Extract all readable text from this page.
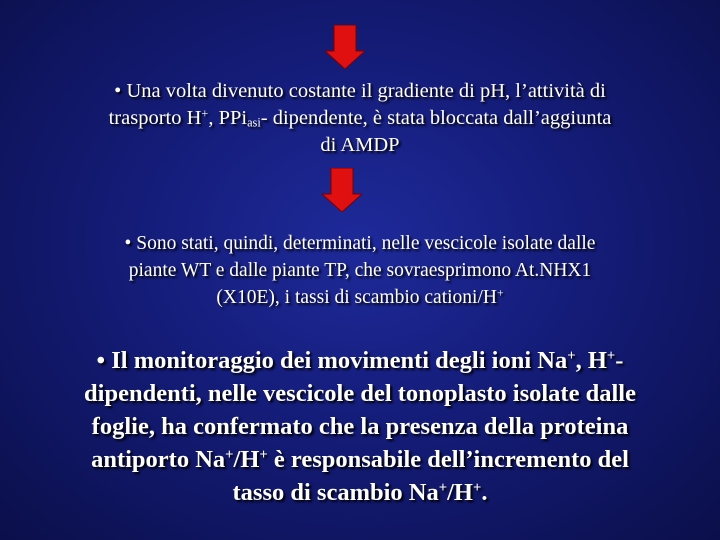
• Una volta divenuto costante il gradiente di pH, l’attività di
trasporto H+, PPi$_{asi}$- dipendente, è stata bloccata dall’aggiunta
di AMDP
• Sono stati, quindi, determinati, nelle vescicole isolate dalle
piante WT e dalle piante TP, che sovraesprimono At.NHX1
(X10E), i tassi di scambio cationi/H+
• Il monitoraggio dei movimenti degli ioni Na+, H+-
dipendenti, nelle vescicole del tonoplasto isolate dalle
foglie, ha confermato che la presenza della proteina
antiporto Na+/H+ è responsabile dell’incremento del
tasso di scambio Na+/H+.
